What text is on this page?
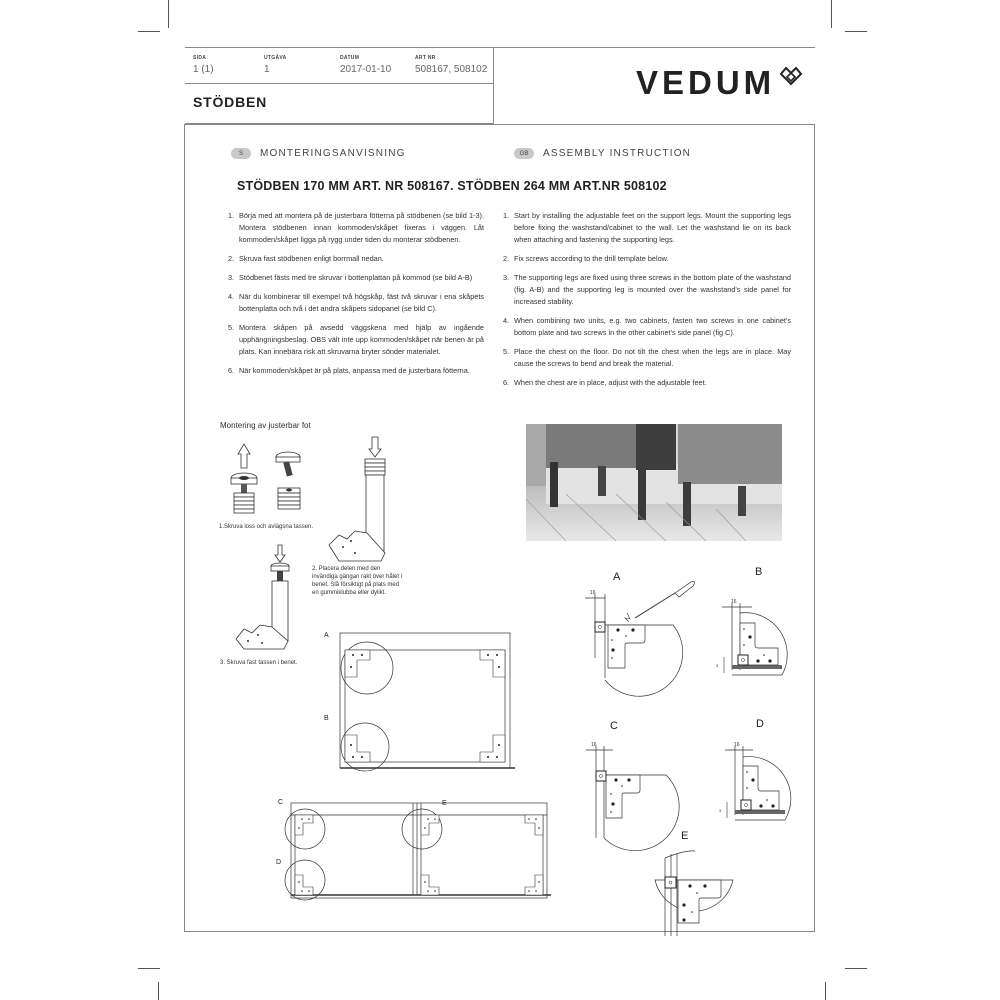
SIDA
1 (1)
UTGÅVA
1
DATUM
2017-01-10
ART NR
508167, 508102
STÖDBEN
VEDUM
S	MONTERINGSANVISNING	GB	ASSEMBLY INSTRUCTION
STÖDBEN 170 MM ART. NR 508167. STÖDBEN 264 MM ART.NR 508102
1. Börja med att montera på de justerbara fötterna på stödbenen (se bild 1-3). Montera stödbenen innan kommoden/skåpet fixeras i väggen. Låt kommoden/skåpet ligga på rygg under tiden du monterar stödbenen.
2. Skruva fast stödbenen enligt borrmall nedan.
3. Stödbenet fästs med tre skruvar i bottenplattan på kommod (se bild A-B)
4. När du kombinerar till exempel två högskåp, fäst två skruvar i ena skåpets bottenplatta och två i det andra skåpets sidopanel (se bild C).
5. Montera skåpen på avsedd väggskena med hjälp av ingående upphängningsbeslag. OBS vält inte upp kommoden/skåpet när benen är på plats. Kan innebära risk att skruvarna bryter sönder materialet.
6. När kommoden/skåpet är på plats, anpassa med de justerbara fötterna.
1. Start by installing the adjustable feet on the support legs. Mount the supporting legs before fixing the washstand/cabinet to the wall. Let the washstand lie on its back when attaching and fastening the supporting legs.
2. Fix screws according to the drill template below.
3. The supporting legs are fixed using three screws in the bottom plate of the washstand (fig. A-B) and the supporting leg is mounted over the washstand's side panel for increased stability.
4. When combining two units, e.g. two cabinets, fasten two screws in one cabinet's bottom plate and two screws in the other cabinet's side panel (fig C).
5. Place the chest on the floor. Do not tilt the chest when the legs are in place. May cause the screws to bend and break the material.
6. When the chest are in place, adjust with the adjustable feet.
Montering av justerbar fot
1.Skruva loss och avlägsna tassen.
2. Placera delen med den invändiga gängan rakt över hålet i benet. Slå försiktigt på plats med en gummiklubba eller dylikt.
3. Skruva fast tassen i benet.
A
16
B
16
3
A
B
C
16
D
16
3
E
C
D
E
